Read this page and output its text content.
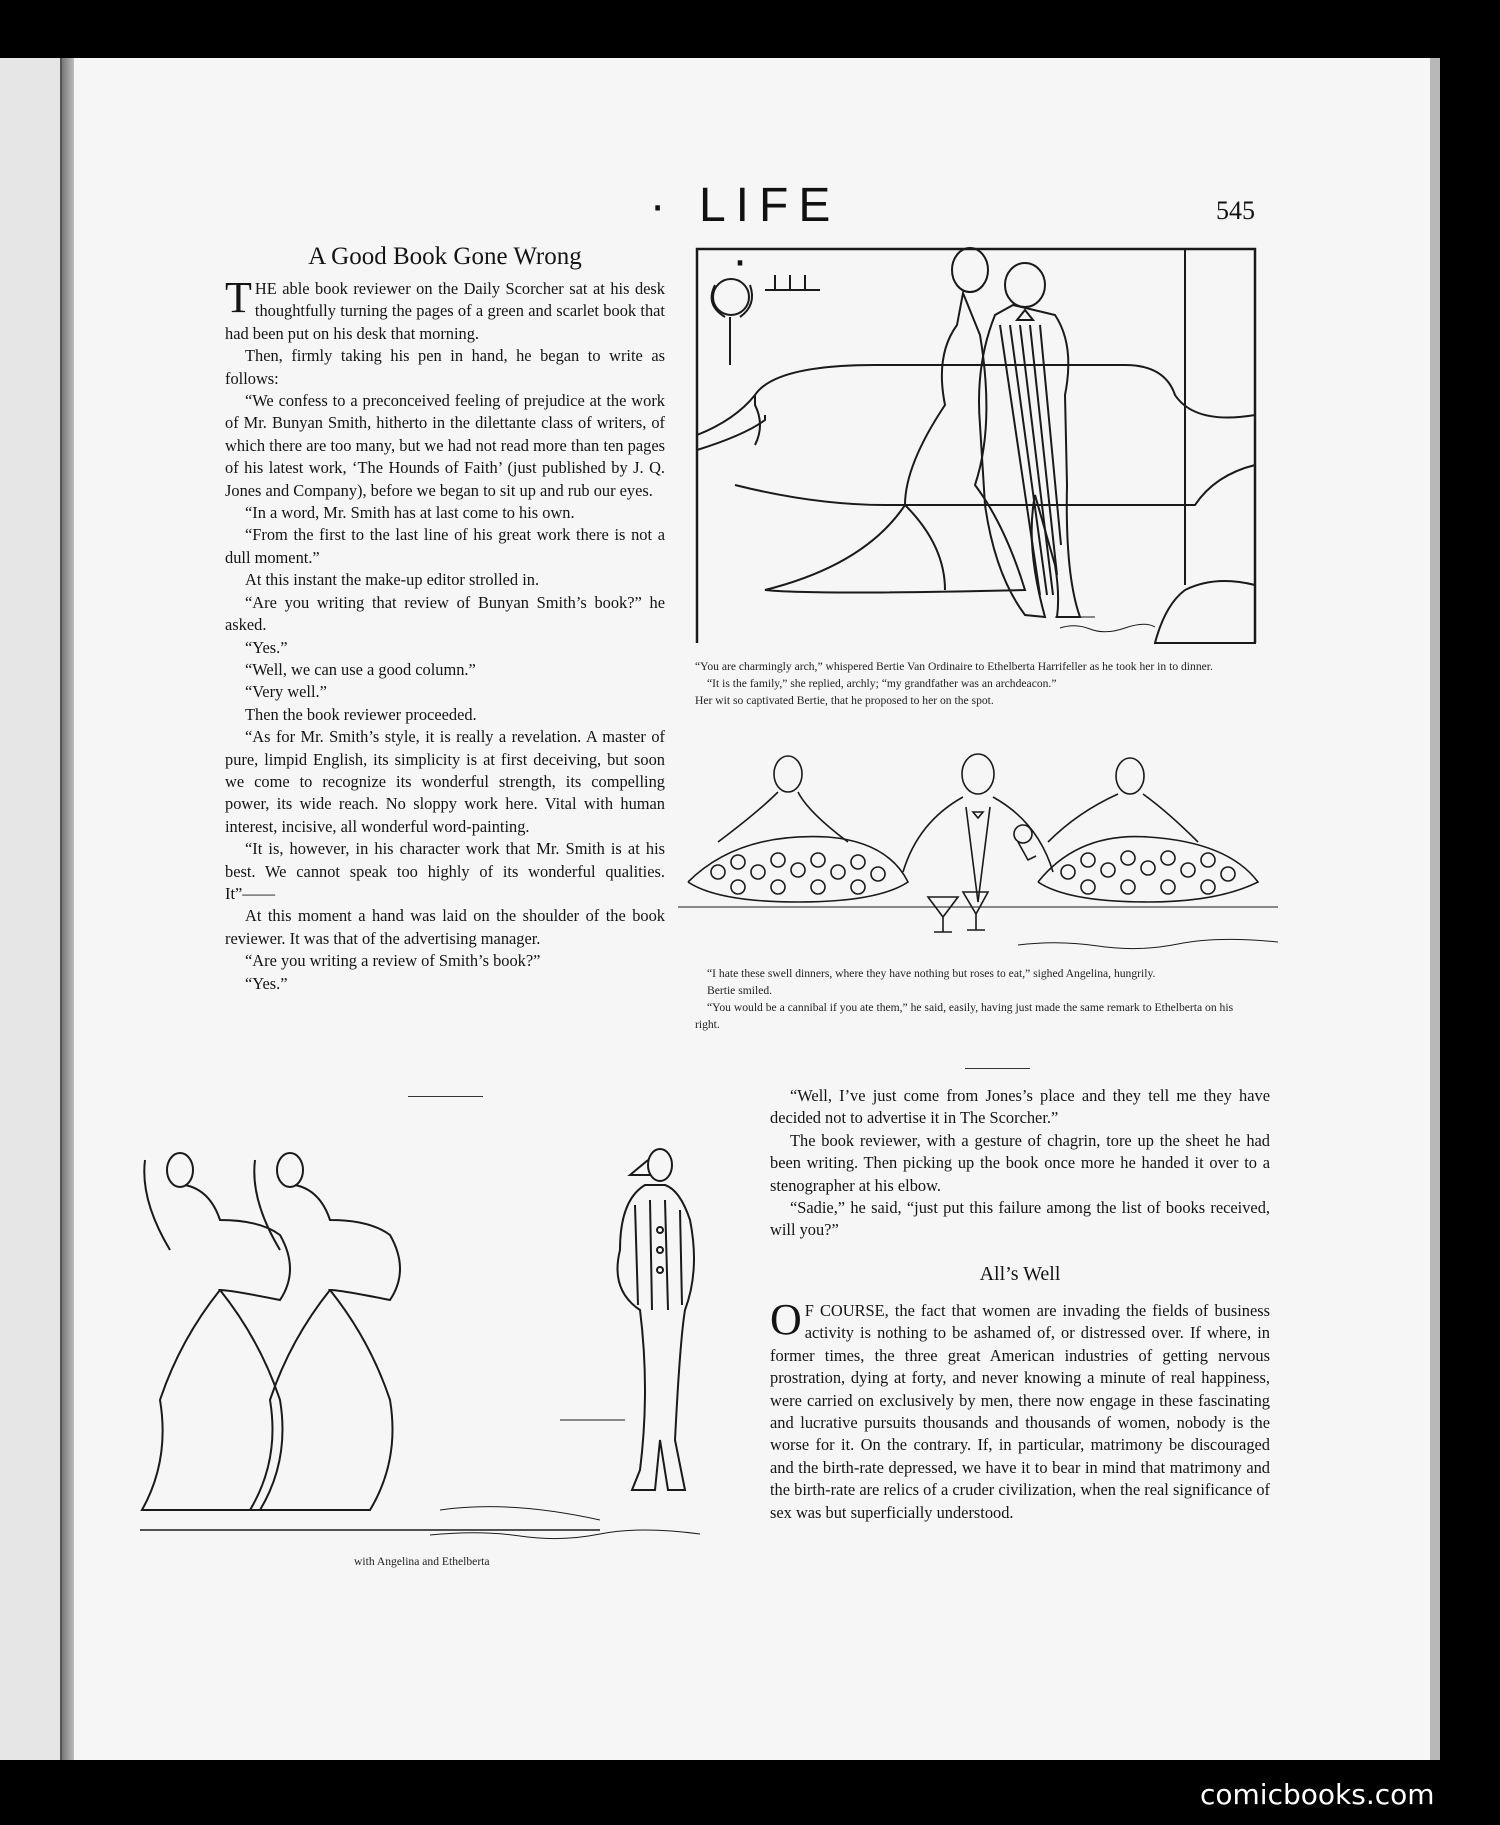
· LIFE ·
545
A Good Book Gone Wrong

THE able book reviewer on the Daily Scorcher sat at his desk thoughtfully turning the pages of a green and scarlet book that had been put on his desk that morning.

Then, firmly taking his pen in hand, he began to write as follows:

“We confess to a preconceived feeling of prejudice at the work of Mr. Bunyan Smith, hitherto in the dilettante class of writers, of which there are too many, but we had not read more than ten pages of his latest work, ‘The Hounds of Faith’ (just published by J. Q. Jones and Company), before we began to sit up and rub our eyes.

“In a word, Mr. Smith has at last come to his own.

“From the first to the last line of his great work there is not a dull moment.”

At this instant the make-up editor strolled in.

“Are you writing that review of Bunyan Smith’s book?” he asked.

“Yes.”

“Well, we can use a good column.”

“Very well.”

Then the book reviewer proceeded.

“As for Mr. Smith’s style, it is really a revelation. A master of pure, limpid English, its simplicity is at first deceiving, but soon we come to recognize its wonderful strength, its compelling power, its wide reach. No sloppy work here. Vital with human interest, incisive, all wonderful word-painting.

“It is, however, in his character work that Mr. Smith is at his best. We cannot speak too highly of its wonderful qualities. It”——

At this moment a hand was laid on the shoulder of the book reviewer. It was that of the advertising manager.

“Are you writing a review of Smith’s book?”

“Yes.”

“Well, I’ve just come from Jones’s place and they tell me they have decided not to advertise it in The Scorcher.”

The book reviewer, with a gesture of chagrin, tore up the sheet he had been writing. Then picking up the book once more he handed it over to a stenographer at his elbow.

“Sadie,” he said, “just put this failure among the list of books received, will you?”

All’s Well

O F COURSE, the fact that women are invading the fields of business activity is nothing to be ashamed of, or distressed over. If where, in former times, the three great American industries of getting nervous prostration, dying at forty, and never knowing a minute of real happiness, were carried on exclusively by men, there now engage in these fascinating and lucrative pursuits thousands and thousands of women, nobody is the worse for it. On the contrary. If, in particular, matrimony be discouraged and the birth-rate depressed, we have it to bear in mind that matrimony and the birth-rate are relics of a cruder civilization, when the real significance of sex was but superficially understood.

“You are charmingly arch,” whispered Bertie Van Ordinaire to Ethelberta Harrifeller as he took her in to dinner.

“It is the family,” she replied, archly; “my grandfather was an archdeacon.”

Her wit so captivated Bertie, that he proposed to her on the spot.

“I hate these swell dinners, where they have nothing but roses to eat,” sighed Angelina, hungrily.

Bertie smiled.

“You would be a cannibal if you ate them,” he said, easily, having just made the same remark to Ethelberta on his right.

with Angelina and Ethelberta
comicbooks.com
